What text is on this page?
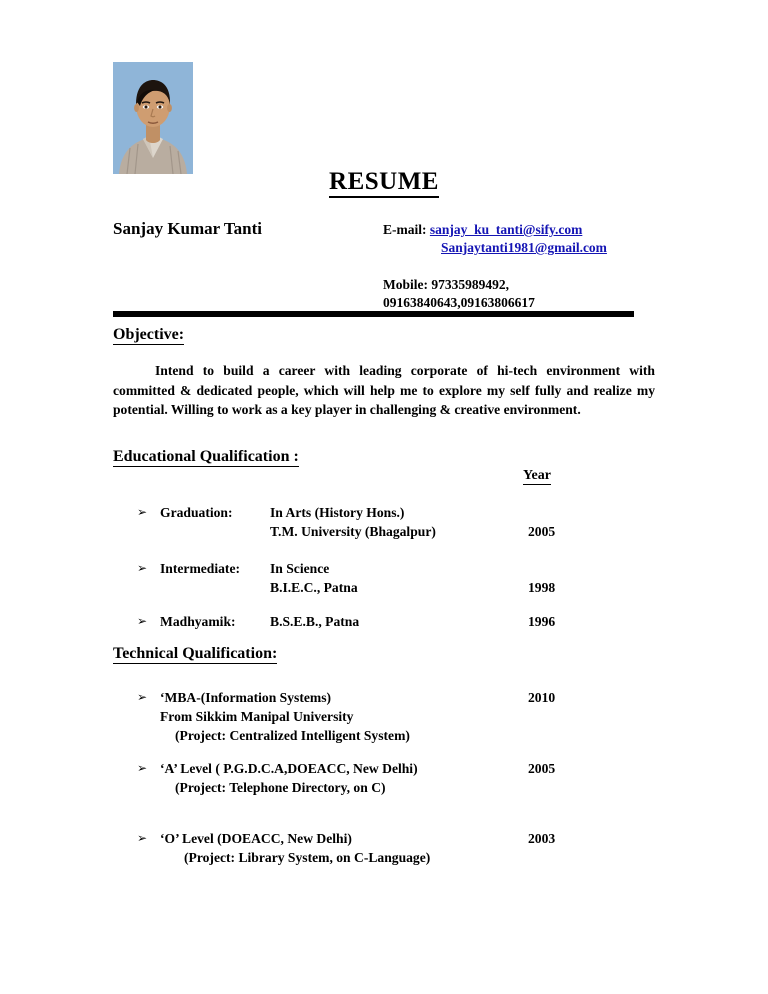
RESUME
Sanjay Kumar Tanti	E-mail: sanjay_ku_tanti@sify.com
Sanjaytanti1981@gmail.com
Mobile: 97335989492,
09163840643,09163806617
Objective:
Intend to build a career with leading corporate of hi-tech environment with committed & dedicated people, which will help me to explore my self fully and realize my potential. Willing to work as a key player in challenging & creative environment.
Educational Qualification :
Year
➢ Graduation:	In Arts (History Hons.)
T.M. University (Bhagalpur)	2005
➢ Intermediate: In Science
B.I.E.C., Patna	1998
➢ Madhyamik:	B.S.E.B., Patna	1996
Technical Qualification:
➢ ‘MBA-(Information Systems)
From Sikkim Manipal University
(Project: Centralized Intelligent System)
2010
➢ ‘A’ Level ( P.G.D.C.A,DOEACC, New Delhi)
(Project: Telephone Directory, on C)
2005
➢ ‘O’ Level (DOEACC, New Delhi)
(Project: Library System, on C-Language)
2003
